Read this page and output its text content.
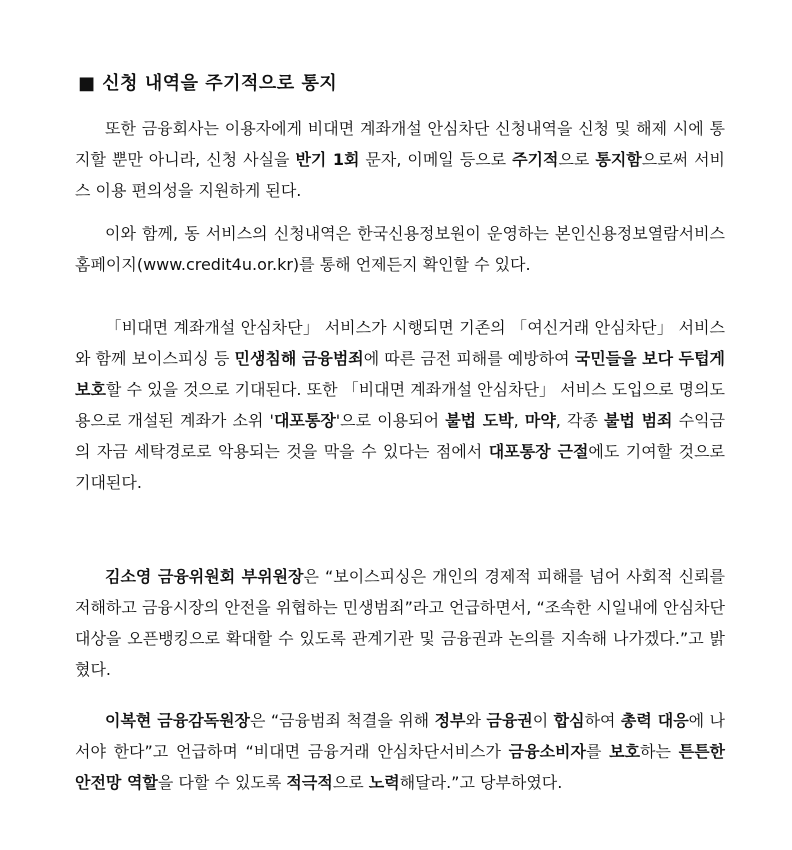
■ 신청 내역을 주기적으로 통지

또한 금융회사는 이용자에게 비대면 계좌개설 안심차단 신청내역을 신청 및 해제 시에 통지할 뿐만 아니라, 신청 사실을 반기 1회 문자, 이메일 등으로 주기적으로 통지함으로써 서비스 이용 편의성을 지원하게 된다.

이와 함께, 동 서비스의 신청내역은 한국신용정보원이 운영하는 본인신용정보열람서비스 홈페이지(www.credit4u.or.kr)를 통해 언제든지 확인할 수 있다.

「비대면 계좌개설 안심차단」 서비스가 시행되면 기존의 「여신거래 안심차단」 서비스와 함께 보이스피싱 등 민생침해 금융범죄에 따른 금전 피해를 예방하여 국민들을 보다 두텁게 보호할 수 있을 것으로 기대된다. 또한 「비대면 계좌개설 안심차단」 서비스 도입으로 명의도용으로 개설된 계좌가 소위 '대포통장'으로 이용되어 불법 도박, 마약, 각종 불법 범죄 수익금의 자금 세탁경로로 악용되는 것을 막을 수 있다는 점에서 대포통장 근절에도 기여할 것으로 기대된다.

김소영 금융위원회 부위원장은 “보이스피싱은 개인의 경제적 피해를 넘어 사회적 신뢰를 저해하고 금융시장의 안전을 위협하는 민생범죄”라고 언급하면서, “조속한 시일내에 안심차단 대상을 오픈뱅킹으로 확대할 수 있도록 관계기관 및 금융권과 논의를 지속해 나가겠다.”고 밝혔다.

이복현 금융감독원장은 “금융범죄 척결을 위해 정부와 금융권이 합심하여 총력 대응에 나서야 한다”고 언급하며 “비대면 금융거래 안심차단서비스가 금융소비자를 보호하는 튼튼한 안전망 역할을 다할 수 있도록 적극적으로 노력해달라.”고 당부하였다.
